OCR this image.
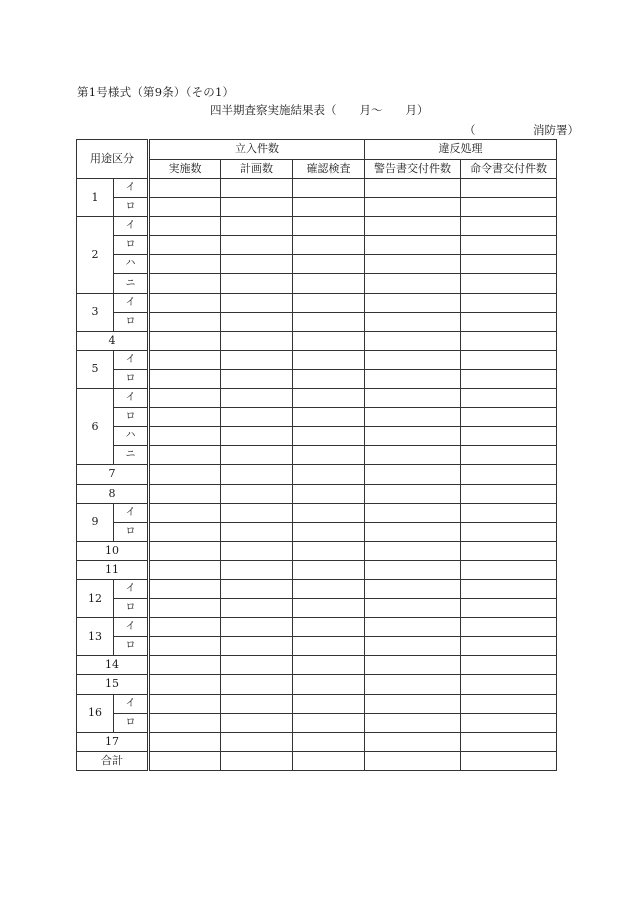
第1号様式（第9条）（その1）
四半期査察実施結果表（　　月～　　月）
（　　　　　消防署）
用途区分		立入件数			違反処理	
		実施数	計画数	確認検査	警告書交付件数	命令書交付件数
1	イ					
	ロ					
2	イ					
	ロ					
	ハ					
	ニ					
3	イ					
	ロ					
4						
5	イ					
	ロ					
6	イ					
	ロ					
	ハ					
	ニ					
7						
8						
9	イ					
	ロ					
10						
11						
12	イ					
	ロ					
13	イ					
	ロ					
14						
15						
16	イ					
	ロ					
17						
合計						
